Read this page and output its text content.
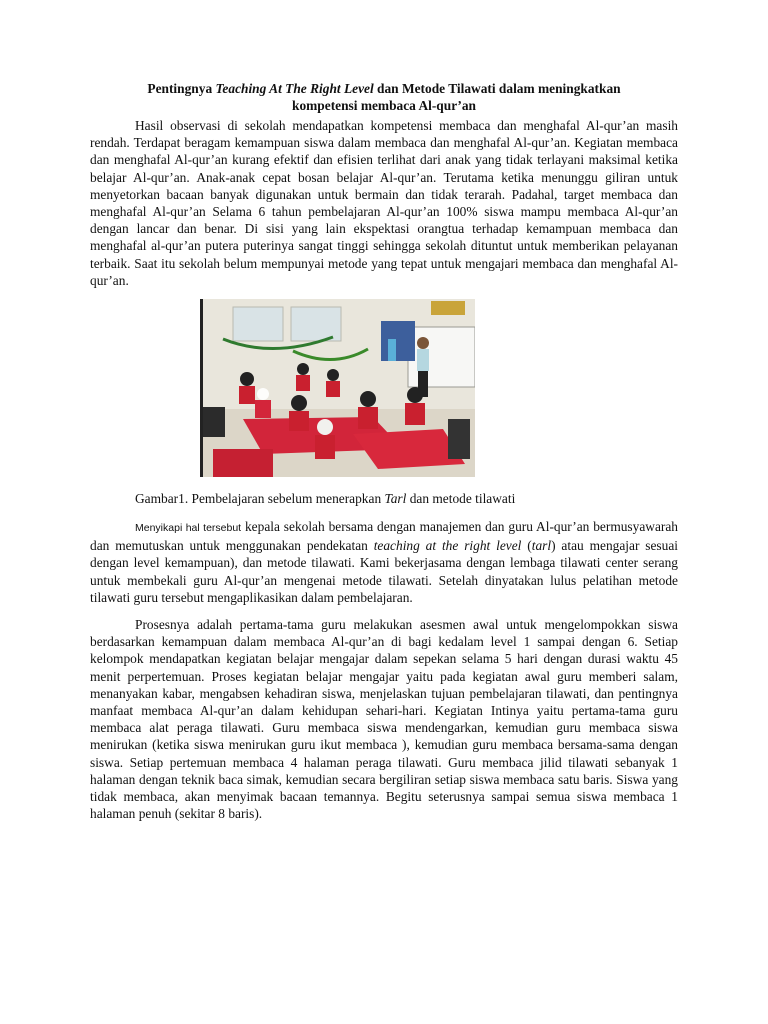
Pentingnya Teaching At The Right Level dan Metode Tilawati dalam meningkatkan
kompetensi membaca Al-qur’an

Hasil observasi di sekolah mendapatkan kompetensi membaca dan menghafal Al-qur’an masih rendah. Terdapat beragam kemampuan siswa dalam membaca dan menghafal Al-qur’an. Kegiatan membaca dan menghafal Al-qur’an kurang efektif dan efisien terlihat dari anak yang tidak terlayani maksimal ketika belajar Al-qur’an. Anak-anak cepat bosan belajar Al-qur’an. Terutama ketika menunggu giliran untuk menyetorkan bacaan banyak digunakan untuk bermain dan tidak terarah. Padahal, target membaca dan menghafal Al-qur’an Selama 6 tahun pembelajaran Al-qur’an 100% siswa mampu membaca Al-qur’an dengan lancar dan benar. Di sisi yang lain ekspektasi orangtua terhadap kemampuan membaca dan menghafal al-qur’an putera puterinya sangat tinggi sehingga sekolah dituntut untuk memberikan pelayanan terbaik. Saat itu sekolah belum mempunyai metode yang tepat untuk mengajari membaca dan menghafal Al-qur’an.

Gambar1. Pembelajaran sebelum menerapkan Tarl dan metode tilawati

Menyikapi hal tersebut kepala sekolah bersama dengan manajemen dan guru Al-qur’an bermusyawarah dan memutuskan untuk menggunakan pendekatan teaching at the right level (tarl) atau mengajar sesuai dengan level kemampuan), dan metode tilawati. Kami bekerjasama dengan lembaga tilawati center serang untuk membekali guru Al-qur’an mengenai metode tilawati. Setelah dinyatakan lulus pelatihan metode tilawati guru tersebut mengaplikasikan dalam pembelajaran.

Prosesnya adalah pertama-tama guru melakukan asesmen awal untuk mengelompokkan siswa berdasarkan kemampuan dalam membaca Al-qur’an di bagi kedalam level 1 sampai dengan 6. Setiap kelompok mendapatkan kegiatan belajar mengajar dalam sepekan selama 5 hari dengan durasi waktu 45 menit perpertemuan. Proses kegiatan belajar mengajar yaitu pada kegiatan awal guru memberi salam, menanyakan kabar, mengabsen kehadiran siswa, menjelaskan tujuan pembelajaran tilawati, dan pentingnya manfaat membaca Al-qur’an dalam kehidupan sehari-hari. Kegiatan Intinya yaitu pertama-tama guru membaca alat peraga tilawati. Guru membaca siswa mendengarkan, kemudian guru membaca siswa menirukan (ketika siswa menirukan guru ikut membaca ), kemudian guru membaca bersama-sama dengan siswa. Setiap pertemuan membaca 4 halaman peraga tilawati. Guru membaca jilid tilawati sebanyak 1 halaman dengan teknik baca simak, kemudian secara bergiliran setiap siswa membaca satu baris. Siswa yang tidak membaca, akan menyimak bacaan temannya. Begitu seterusnya sampai semua siswa membaca 1 halaman penuh (sekitar 8 baris).
